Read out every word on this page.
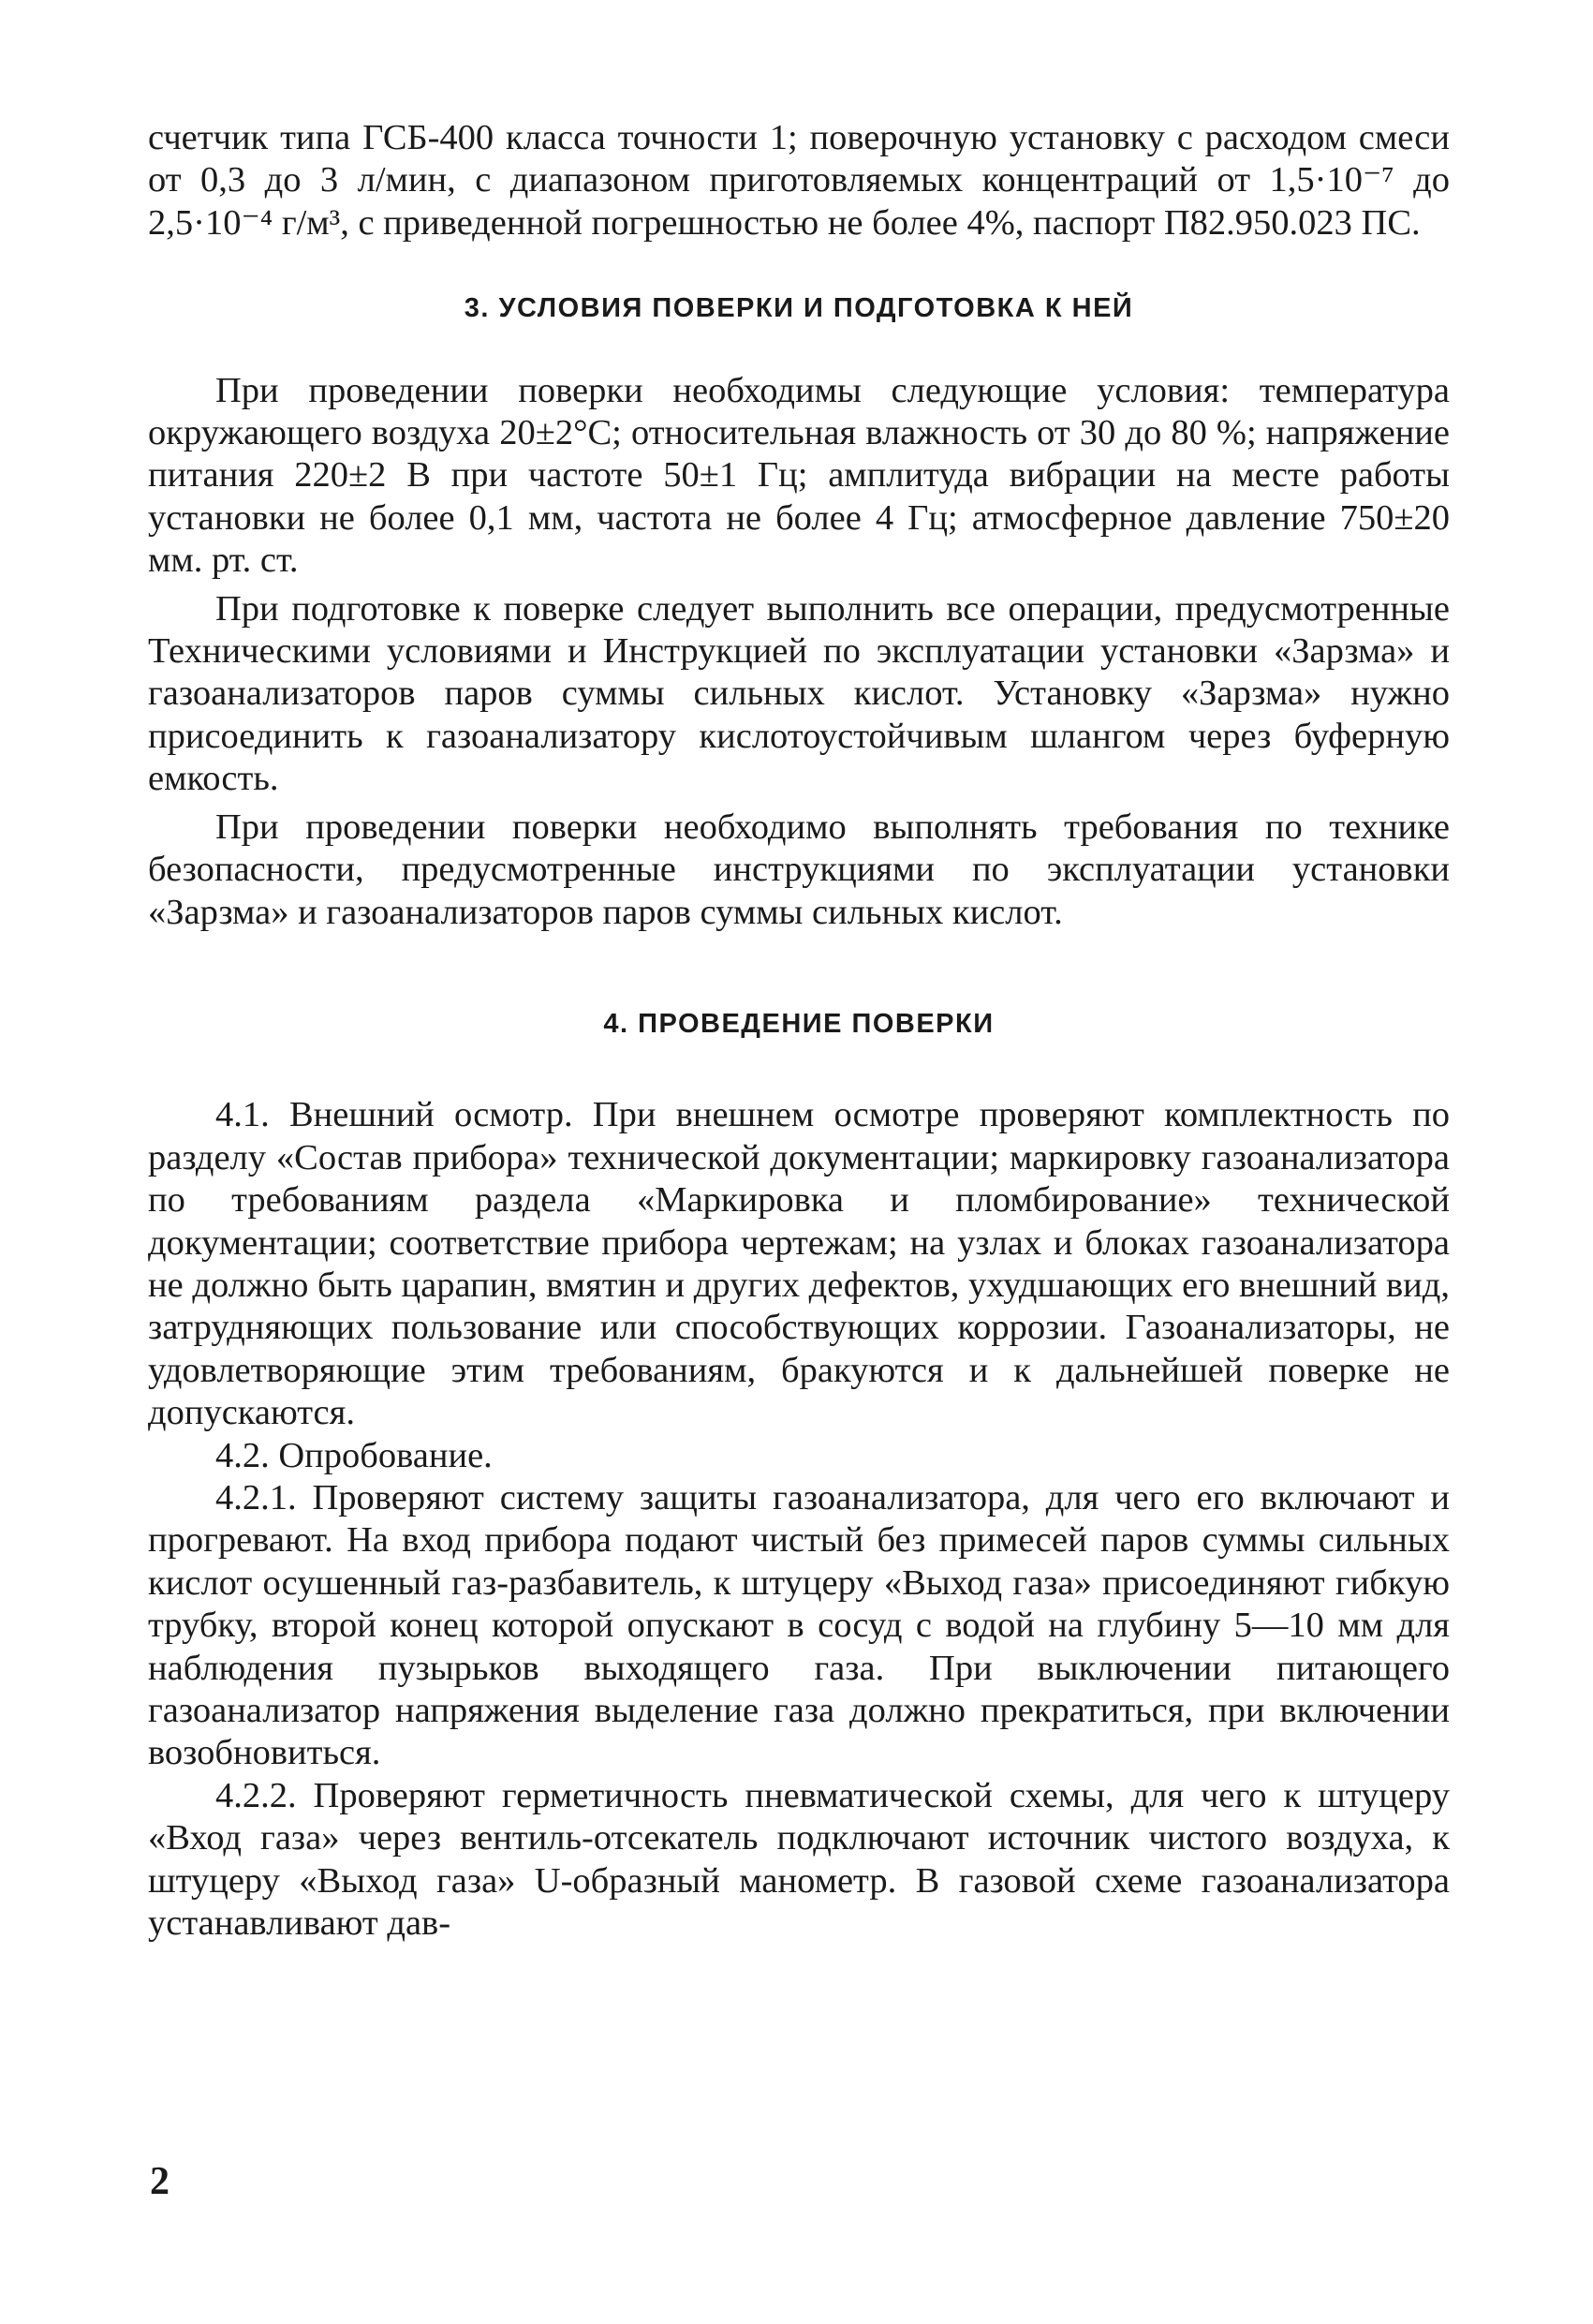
счетчик типа ГСБ-400 класса точности 1; поверочную установку с расходом смеси от 0,3 до 3 л/мин, с диапазоном приготовляемых концентраций от 1,5·10⁻⁷ до 2,5·10⁻⁴ г/м³, с приведенной погрешностью не более 4%, паспорт П82.950.023 ПС.

3. УСЛОВИЯ ПОВЕРКИ И ПОДГОТОВКА К НЕЙ

При проведении поверки необходимы следующие условия: температура окружающего воздуха 20±2°С; относительная влажность от 30 до 80 %; напряжение питания 220±2 В при частоте 50±1 Гц; амплитуда вибрации на месте работы установки не более 0,1 мм, частота не более 4 Гц; атмосферное давление 750±20 мм. рт. ст.

При подготовке к поверке следует выполнить все операции, предусмотренные Техническими условиями и Инструкцией по эксплуатации установки «Зарзма» и газоанализаторов паров суммы сильных кислот. Установку «Зарзма» нужно присоединить к газоанализатору кислотоустойчивым шлангом через буферную емкость.

При проведении поверки необходимо выполнять требования по технике безопасности, предусмотренные инструкциями по эксплуатации установки «Зарзма» и газоанализаторов паров суммы сильных кислот.

4. ПРОВЕДЕНИЕ ПОВЕРКИ

4.1. Внешний осмотр. При внешнем осмотре проверяют комплектность по разделу «Состав прибора» технической документации; маркировку газоанализатора по требованиям раздела «Маркировка и пломбирование» технической документации; соответствие прибора чертежам; на узлах и блоках газоанализатора не должно быть царапин, вмятин и других дефектов, ухудшающих его внешний вид, затрудняющих пользование или способствующих коррозии. Газоанализаторы, не удовлетворяющие этим требованиям, бракуются и к дальнейшей поверке не допускаются.

4.2. Опробование.

4.2.1. Проверяют систему защиты газоанализатора, для чего его включают и прогревают. На вход прибора подают чистый без примесей паров суммы сильных кислот осушенный газ-разбавитель, к штуцеру «Выход газа» присоединяют гибкую трубку, второй конец которой опускают в сосуд с водой на глубину 5—10 мм для наблюдения пузырьков выходящего газа. При выключении питающего газоанализатор напряжения выделение газа должно прекратиться, при включении возобновиться.

4.2.2. Проверяют герметичность пневматической схемы, для чего к штуцеру «Вход газа» через вентиль-отсекатель подключают источник чистого воздуха, к штуцеру «Выход газа» U-образный манометр. В газовой схеме газоанализатора устанавливают дав-

2
